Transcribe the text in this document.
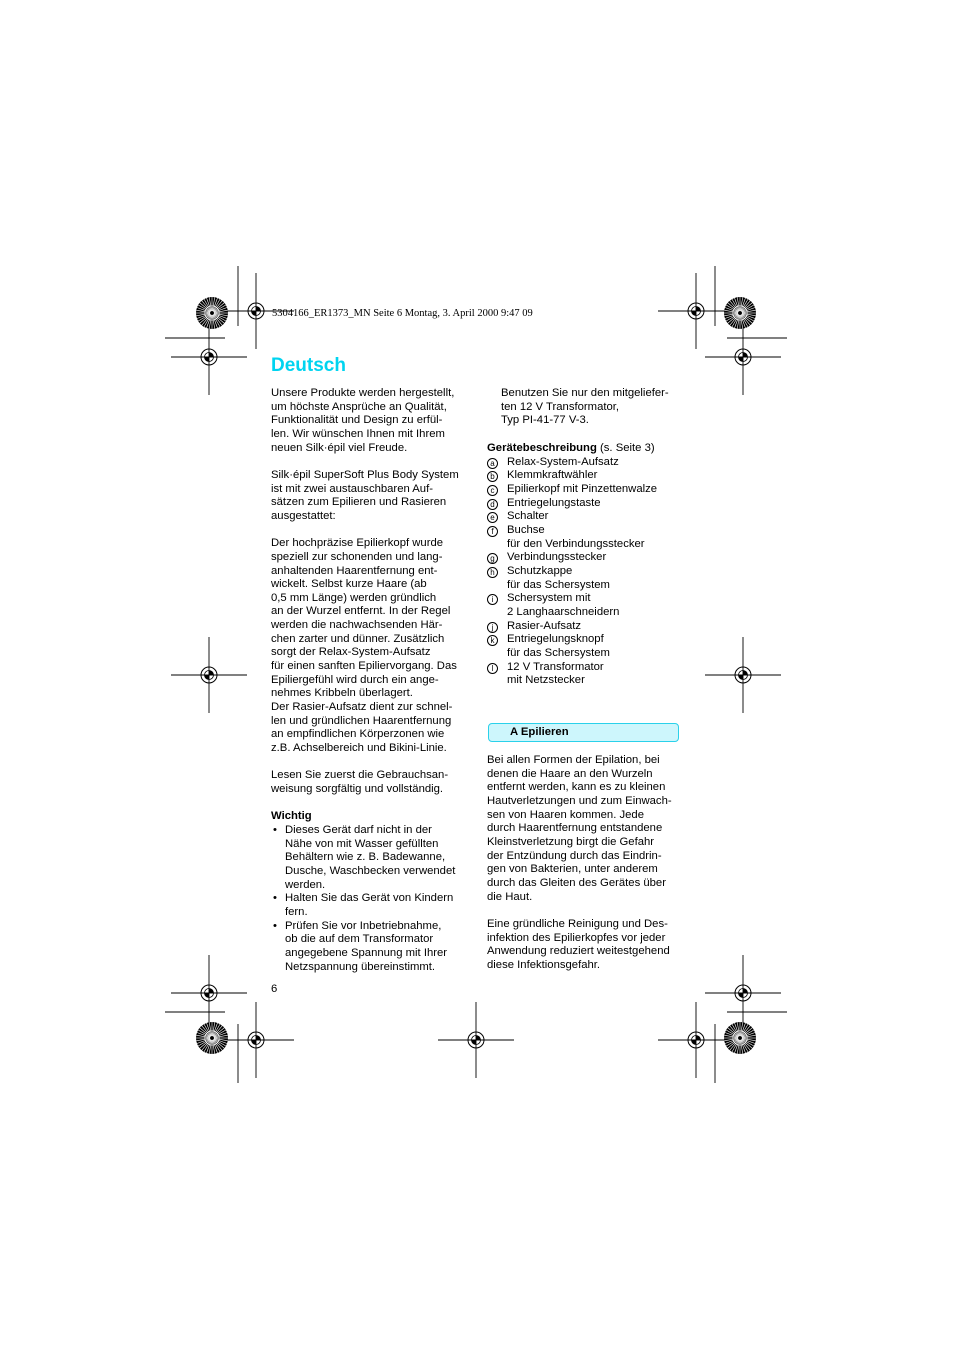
5304166_ER1373_MN Seite 6 Montag, 3. April 2000 9:47 09
Deutsch

Unsere Produkte werden hergestellt,
um höchste Ansprüche an Qualität,
Funktionalität und Design zu erfül-
len. Wir wünschen Ihnen mit Ihrem
neuen Silk·épil viel Freude.

Silk·épil SuperSoft Plus Body System
ist mit zwei austauschbaren Auf-
sätzen zum Epilieren und Rasieren
ausgestattet:

Der hochpräzise Epilierkopf wurde
speziell zur schonenden und lang-
anhaltenden Haarentfernung ent-
wickelt. Selbst kurze Haare (ab
0,5 mm Länge) werden gründlich
an der Wurzel entfernt. In der Regel
werden die nachwachsenden Här-
chen zarter und dünner. Zusätzlich
sorgt der Relax-System-Aufsatz
für einen sanften Epiliervorgang. Das
Epiliergefühl wird durch ein ange-
nehmes Kribbeln überlagert.
Der Rasier-Aufsatz dient zur schnel-
len und gründlichen Haarentfernung
an empfindlichen Körperzonen wie
z.B. Achselbereich und Bikini-Linie.

Lesen Sie zuerst die Gebrauchsan-
weisung sorgfältig und vollständig.

Wichtig

• Dieses Gerät darf nicht in der
Nähe von mit Wasser gefüllten
Behältern wie z. B. Badewanne,
Dusche, Waschbecken verwendet
werden.
• Halten Sie das Gerät von Kindern
fern.
• Prüfen Sie vor Inbetriebnahme,
ob die auf dem Transformator
angegebene Spannung mit Ihrer
Netzspannung übereinstimmt.

Benutzen Sie nur den mitgeliefer-
ten 12 V Transformator,
Typ PI-41-77 V-3.

Gerätebeschreibung (s. Seite 3)

a Relax-System-Aufsatz
b Klemmkraftwähler
c	Epilierkopf mit Pinzettenwalze
d Entriegelungstaste
e Schalter
f	Buchse
für den Verbindungsstecker
g Verbindungsstecker
h Schutzkappe
für das Schersystem
i	Schersystem mit
2 Langhaarschneidern
j	Rasier-Aufsatz
k	Entriegelungsknopf
für das Schersystem
l	12 V Transformator
mit Netzstecker
A Epilieren

Bei allen Formen der Epilation, bei
denen die Haare an den Wurzeln
entfernt werden, kann es zu kleinen
Hautverletzungen und zum Einwach-
sen von Haaren kommen. Jede
durch Haarentfernung entstandene
Kleinstverletzung birgt die Gefahr
der Entzündung durch das Eindrin-
gen von Bakterien, unter anderem
durch das Gleiten des Gerätes über
die Haut.

Eine gründliche Reinigung und Des-
infektion des Epilierkopfes vor jeder
Anwendung reduziert weitestgehend
diese Infektionsgefahr.

6
